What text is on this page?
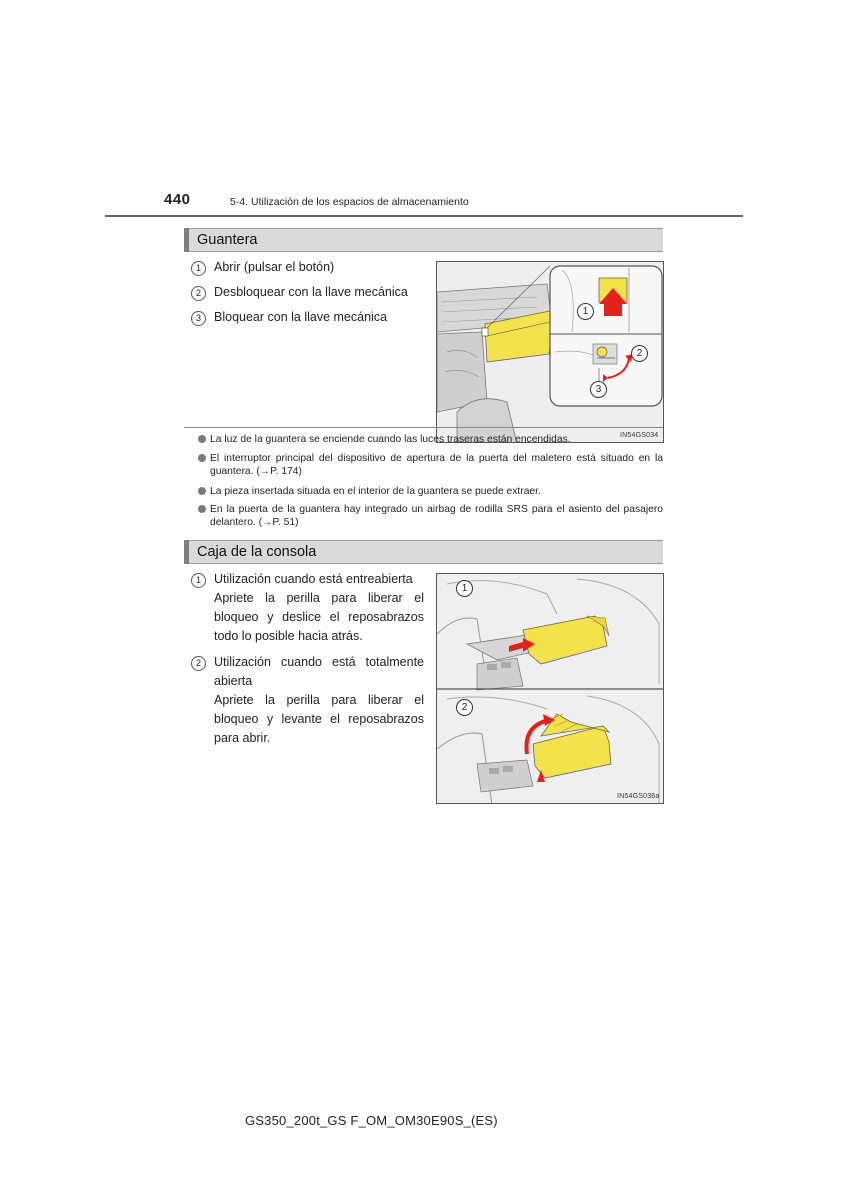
440	5-4. Utilización de los espacios de almacenamiento
Guantera
1	Abrir (pulsar el botón)
2	Desbloquear con la llave mecánica
3	Bloquear con la llave mecánica	1
2
3
IN54GS034
La luz de la guantera se enciende cuando las luces traseras están encendidas.
El interruptor principal del dispositivo de apertura de la puerta del maletero está situado en la guantera. (→P. 174)
La pieza insertada situada en el interior de la guantera se puede extraer.
En la puerta de la guantera hay integrado un airbag de rodilla SRS para el asiento del pasajero delantero. (→P. 51)
Caja de la consola
1	Utilización cuando está entreabierta
Apriete la perilla para liberar el bloqueo y deslice el reposabrazos todo lo posible hacia atrás.
2	Utilización cuando está totalmente abierta
Apriete la perilla para liberar el bloqueo y levante el reposabrazos para abrir.
1
2
IN54GS036a
GS350_200t_GS F_OM_OM30E90S_(ES)
